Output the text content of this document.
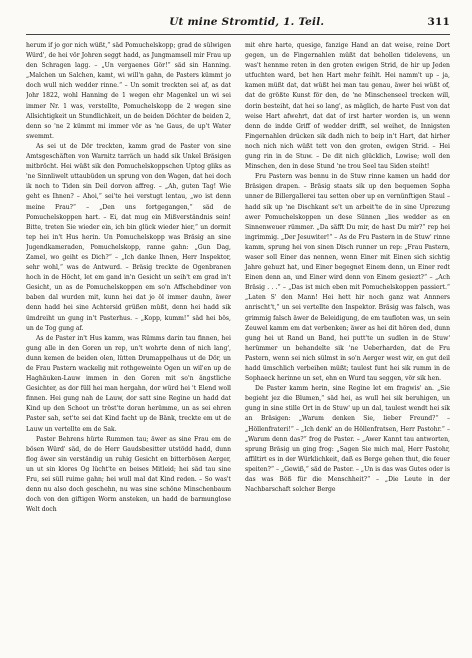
Ut mine Stromtid, 1. Teil.	311

herum if jo gor nich wüßt,“ säd Pomuchelskopp; grad de sülwigen Würd', de hei vör Johren seggt hadd, as Jungmamsell mir Frau up den Schragen lagg. – „Un vergaenes Gör!“ säd sin Hanning. „Malchen un Salchen, kamt, wi will'n gahn, de Pasters kümmt jo doch wull nich wedder rinne.“ – Un somit treckten sei af, as dat Johr 1822, wohl Hanning de 1 wegen ehr Magenkel un wi sei immer Nr. 1 was, verstellte, Pomuchelskopp de 2 wegen sine Allsichtigkeit un Stundlichkeit, un de beiden Döchter de beiden 2, denn so 'ne 2 kümmt mi immer vör as 'ne Gaus, de up't Water swemmt.

As sei ut de Dör treckten, kamm grad de Paster von sine Amtsgeschäften von Warnitz tarräch un hadd sik Unkel Bräsigen mitbröcht. Hei wüßt sik den Pomuchelskoppschen Uptog gliks as 'ne Sinnliwelt uttaubüden un sprung von den Wagen, dat hei doch ik noch to Tiden sin Deil dorvon affreg. – „Ah, guten Tag! Wie geht es Ihnen? – Ahoi,“ sei'te hei verstugt lentau, „wo ist denn meine Frau?“ – „Den uns fortgegangen,“ säd de Pomuchelskoppen hart. – Ei, dat mug ein Mißverständnis sein! Bitte, treten Sie wieder ein, ich bin glück wieder hier,“ un dormit tep hei in't Hus herin. Un Pomuchelskopp was Bräsig an sine Jugendkameraden, Pomuchelskopp, ranne gahn: „Gun Dag, Zamel, wo geiht es Dich?“ – „Ich danke Ihnen, Herr Inspektor, sehr wohl,“ was de Antwurd. – Bräsig treckte de Ogenbranen hoch in de Höcht, let em gand in'n Gesicht un seih't em grad in't Gesicht, un as de Pomuchelskoppen em so'n Affschebdiner von baben dal wurden mit, kunn hei dat jo öl immer dauhn, äwer denn hadd hei sine Achtersid grüßen müßt, denn hei hadd sik ümdreiht un gung in't Pasterhus. – „Kopp, kumm!“ säd hei bös, un de Tog gung af.

As de Paster in't Hus kamm, was Rümms darin tau finnen, hei gung alle in den Goren un rep, un't wohrte denn of nich lang', dunn kemen de beiden olen, lütten Drumappelhaus ut de Dör, un de Frau Pastern wackelig mit rothgeweinte Ogen un wil'en up de Haghäuken-Lauw immen in den Goren mit so'n ängstliche Gesichter, as dor füll hei man hergahn, dor würd hei 't Elend woll finnen. Hei gung nah de Lauw, dor satt sine Regine un hadd dat Kind up den Schoot un tröst'te doran herümme, un as sei ehren Paster sah, set'te sei dat Kind facht up de Bänk, treckte em ut de Lauw un vertellte em de Sak.

Paster Behrens hürte Rummen tau; äwer as sine Frau em de bösen Würd' säd, de de Herr Gaudsbesitter utstödd hadd, dunn flog äwer sin verständig un ruhig Gesicht en bitterbösen Aerger, un ut sin klores Og lücht'te en beises Mitleid; hei säd tau sine Fru, sei süll ruime gahn; hei wull mal dat Kind reden. – So was't denn nu also doch geschehn, nu was sine schöne Minschenbaum doch von den giftigen Worm ansteken, un hadd de barmunglose Welt doch

mit ehre harte, quesige, fanzige Hand an dat weise, reine Dort gegen, un de Fingernahlen müßt dat behollen tidelevens, un was't hennme reten in den groten ewigen Strid, de hir up Jeden utfuchten ward, bet hen Hart mehr feihlt. Hei namm't up – ja, kamen müßt dat, dat wüßt hei man tau genau, äwer hei wüßt of, dat de größte Kunst för den, de 'ne Minschenseel trecken will, dorin besteiht, dat hei so lang', as mäglich, de harte Fust von dat weise Hart afwehrt, dat dat of irst harter worden is, un wenn denn de indde Griff of wedder drifft, sel weihet, de Innigsten Fingernahlen drücken sik dadh nich to beip in't Hart, dat hirher noch nich nich wüßt tett von den groten, ewigen Strid. – Hei gung rin in de Stuw. – De dit nich glücklich, Lowise; woll den Minschen, den in dese Stund 'ne trou Seel tau Siden steiht!

Fru Pastern was bennu in de Stuw rinne kamen un hadd dor Bräsigen drapen. – Bräsig staats sik up den bequemen Sopha unner de Billergallerei tau setten ober up en vernünftigen Staul – hadd sik up 'ne Dischkant se't un arbeit'te de in sine Uprezung awer Pomuchelskoppen un dese Sünnen „lies wedder as en Sinnenweuer rümmer. „Da säfft Du mir, de hast Du mir?“ rep hei ingrimmig. „Der Jesuwiter!“ – As de Fru Pastern in de Stuw' rinne kamm, sprung hei von sinen Disch runner un rep: „Frau Pastern, waser soll Einer das nennen, wenn Einer mit Einen sich sichtig Jahre gehuzt hat, und Einer begegnet Einem denn, un Einer redt Einen denn an, und Einer wird denn von Einem gesiezt?“ – „Ach Bräsig . . .“ – „Das ist mich eben mit Pomuchelskoppen passiert.“ „Laten S' den Mann! Hei hett hir noch ganz wat Annners anrischt't,“ un sei vertellte den Inspektor. Bräsig was falsch, was grimmig falsch äwer de Beleidigung, de em taufloten was, un sein Zeuwel kamm em dat verbenken; äwer as hei dit hören ded, dunn gung hei ut Rand un Band, hei putt'te un sudlen in de Stuw' herümmer un behandelte sik 'ne Ueberharden, dat de Fru Pastern, wenn sei nich sülmst in so'n Aerger west wir, en gut deil hadd ümschlich verbeihen müßt; taulest funt hei sik rumm in de Sophaeck herinne un set, ehn en Wurd tau seggen, vör sik hen.

De Paster kamm herin, sine Regine let em fragwis' an. „Sie begieht jez die Blumen,“ säd hei, as wull hei sik beruhigen, un gung in sine stille Ort in de Stuw' up un dal, taulest wendt hei sik an Bräsigen: „Warum denken Sie, lieber Freund?“ – „Höllenfrateri!“ – „Ich denk' an de Höllenfratsen, Herr Pastohr.“ – „Warum denn das?“ frog de Paster. – „Awer Kannt tau antworten, sprung Bräsig un ging frog: „Sagen Sie mich mal, Herr Pastohr, affiltirt es in der Würklichkeit, daß es Berge gehen thut, die feuer speiten?“ – „Gewiß,“ säd de Paster. – „Un is das was Gutes oder is das was Böß für die Menschheit?“ – „Die Leute in der Nachbarschaft solcher Berge
